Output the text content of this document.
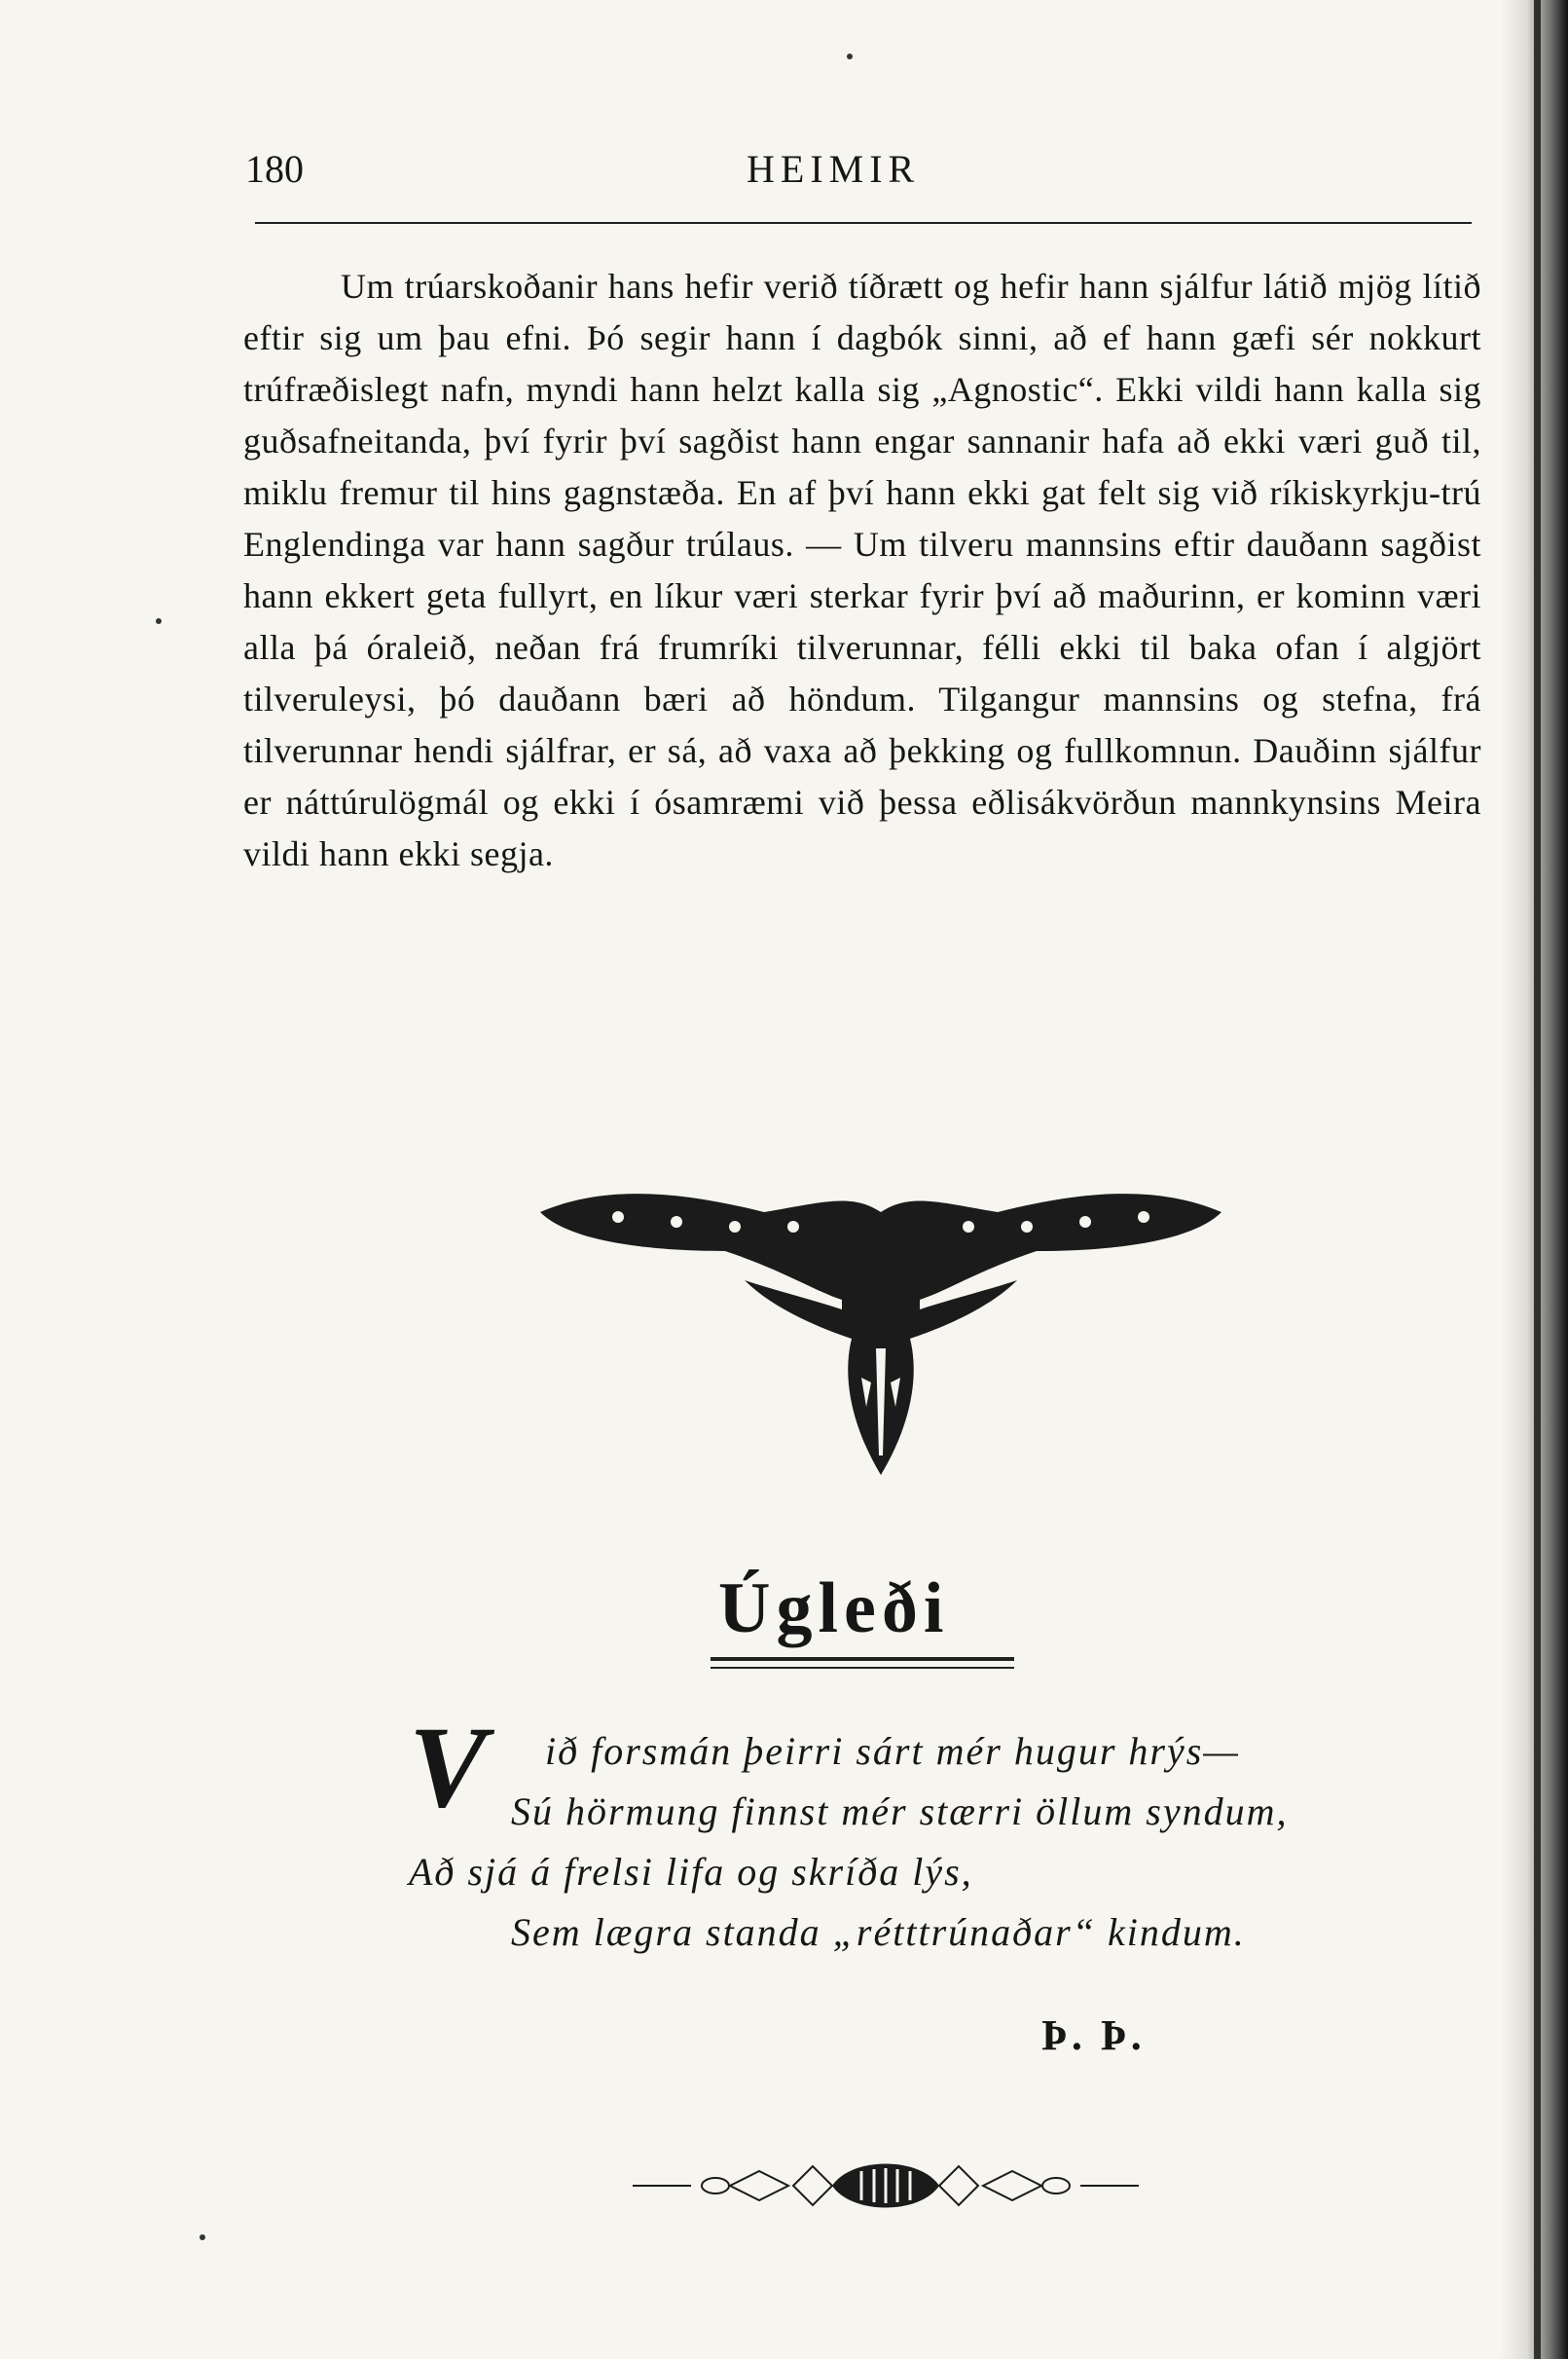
180	HEIMIR

Um trúarskoðanir hans hefir verið tíðrætt og hefir hann sjálfur látið mjög lítið eftir sig um þau efni. Þó segir hann í dagbók sinni, að ef hann gæfi sér nokkurt trúfræðislegt nafn, myndi hann helzt kalla sig „Agnostic“. Ekki vildi hann kalla sig guðsafneitanda, því fyrir því sagðist hann engar sannanir hafa að ekki væri guð til, miklu fremur til hins gagnstæða. En af því hann ekki gat felt sig við ríkiskyrkju-trú Englendinga var hann sagður trúlaus. — Um tilveru mannsins eftir dauðann sagðist hann ekkert geta fullyrt, en líkur væri sterkar fyrir því að maðurinn, er kominn væri alla þá óraleið, neðan frá frumríki tilverunnar, félli ekki til baka ofan í algjört tilveruleysi, þó dauðann bæri að höndum. Tilgangur mannsins og stefna, frá tilverunnar hendi sjálfrar, er sá, að vaxa að þekking og fullkomnun. Dauðinn sjálfur er náttúrulögmál og ekki í ósamræmi við þessa eðlisákvörðun mannkynsins Meira vildi hann ekki segja.

Úgleði
V ið forsmán þeirri sárt mér hugur hrýs—
Sú hörmung finnst mér stærri öllum syndum,
Að sjá á frelsi lifa og skríða lýs,
Sem lægra standa „rétttrúnaðar“ kindum.
Þ. Þ.
